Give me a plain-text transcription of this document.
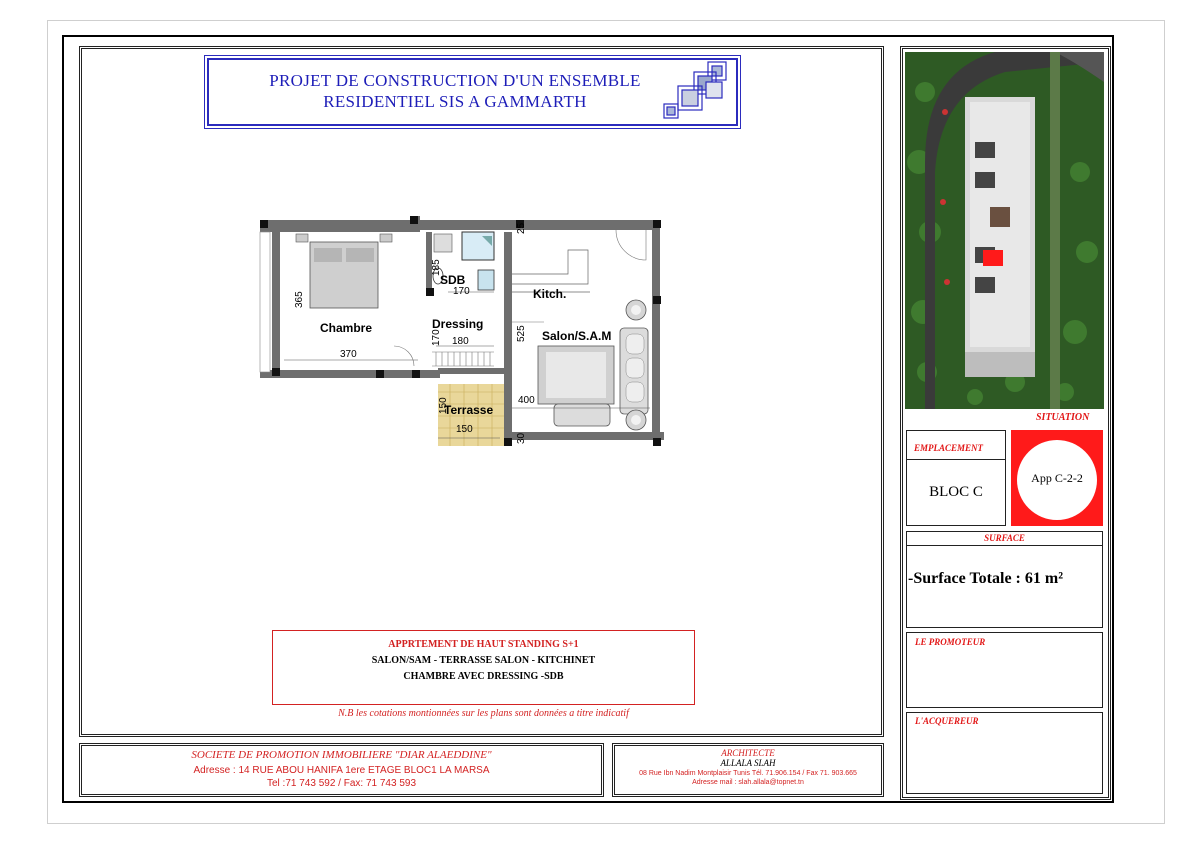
PROJET DE CONSTRUCTION D'UN ENSEMBLE
RESIDENTIEL SIS A GAMMARTH
Chambre
SDB
Dressing
Kitch.
Salon/S.A.M
Terrasse
365
370
185
170
170 180	525
400
25
150
150
30
APPRTEMENT DE HAUT STANDING S+1
SALON/SAM - TERRASSE SALON - KITCHINET
CHAMBRE AVEC DRESSING -SDB
N.B les cotations montionnées sur les plans sont données a titre indicatif
SOCIETE DE PROMOTION IMMOBILIERE "DIAR ALAEDDINE"
Adresse : 14 RUE ABOU HANIFA 1ere ETAGE BLOC1 LA MARSA
Tel :71 743 592 / Fax: 71 743 593
ARCHITECTE
ALLALA SLAH
08 Rue Ibn Nadim Montplaisir Tunis Tél. 71.906.154 / Fax 71. 903.665
Adresse mail : slah.allala@topnet.tn
SITUATION
EMPLACEMENT
BLOC C
App C-2-2
SURFACE
-Surface Totale : 61 m²
LE PROMOTEUR
L'ACQUEREUR
